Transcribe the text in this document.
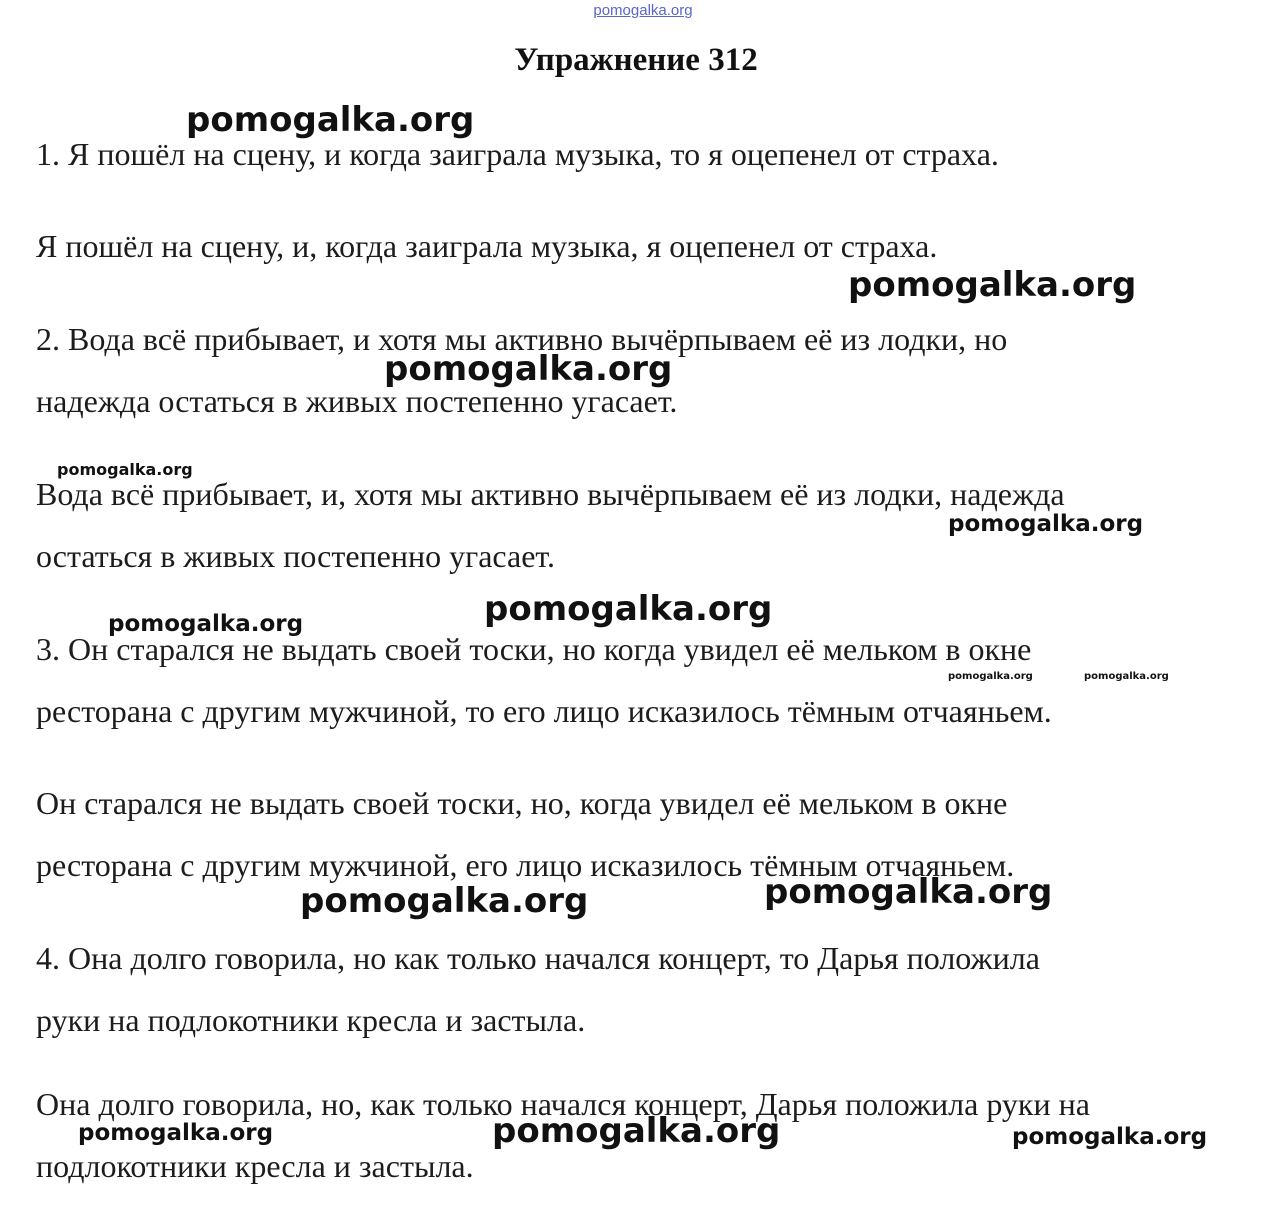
pomogalka.org
Упражнение 312
1. Я пошёл на сцену, и когда заиграла музыка, то я оцепенел от страха.
Я пошёл на сцену, и, когда заиграла музыка, я оцепенел от страха.
2. Вода всё прибывает, и хотя мы активно вычёрпываем её из лодки, но
надежда остаться в живых постепенно угасает.
Вода всё прибывает, и, хотя мы активно вычёрпываем её из лодки, надежда
остаться в живых постепенно угасает.
3. Он старался не выдать своей тоски, но когда увидел её мельком в окне
ресторана с другим мужчиной, то его лицо исказилось тёмным отчаяньем.
Он старался не выдать своей тоски, но, когда увидел её мельком в окне
ресторана с другим мужчиной, его лицо исказилось тёмным отчаяньем.
4. Она долго говорила, но как только начался концерт, то Дарья положила
руки на подлокотники кресла и застыла.
Она долго говорила, но, как только начался концерт, Дарья положила руки на
подлокотники кресла и застыла.
pomogalka.org
pomogalka.org
pomogalka.org
pomogalka.org
pomogalka.org
pomogalka.org
pomogalka.org
pomogalka.org	pomogalka.org
pomogalka.org
pomogalka.org
pomogalka.org	pomogalka.org	pomogalka.org
